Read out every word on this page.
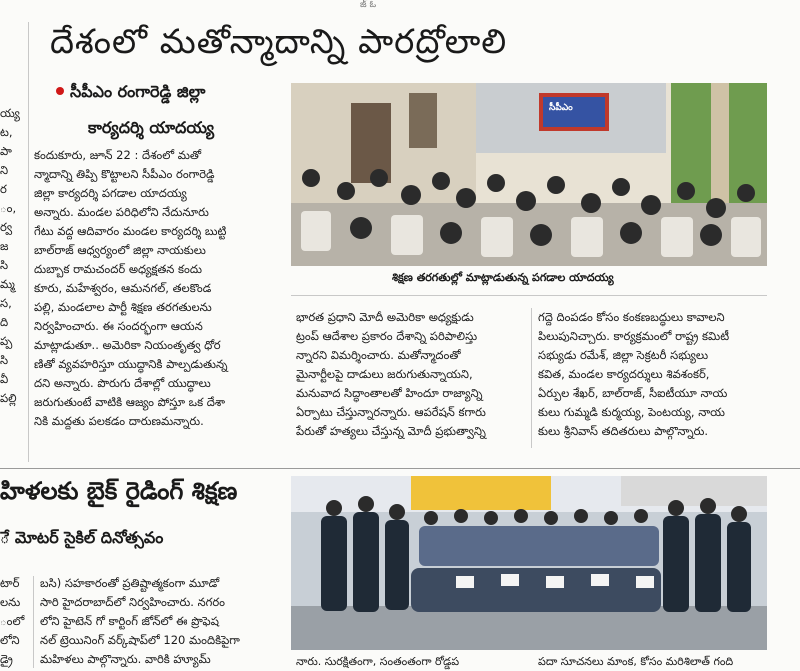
జ్ ఓ
య్య
ట,
పా
ని
ర
ం,
ర్వ
జ
సి
మ్మ
స,
ది
ప్ప
సి
వీ
పల్లి
దేశంలో మతోన్మాదాన్ని పారద్రోలాలి
సీపీఎం రంగారెడ్డి జిల్లా
కార్యదర్శి యాదయ్య
కందుకూరు, జూన్ 22 : దేశంలో మతో
న్మాదాన్ని తిప్పి కొట్టాలని సీపీఎం రంగారెడ్డి
జిల్లా కార్యదర్శి పగడాల యాదయ్య
అన్నారు. మండల పరిధిలోని నేదునూరు
గేటు వద్ద ఆదివారం మండల కార్యదర్శి బుట్టి
బాల్‌రాజ్ ఆధ్వర్యంలో జిల్లా నాయకులు
దుబ్బాక రామచందర్ అధ్యక్షతన కందు
కూరు, మహేశ్వరం, ఆమనగల్, తలకొండ
పల్లి, మండలాల పార్టీ శిక్షణ తరగతులను
నిర్వహించారు. ఈ సందర్భంగా ఆయన
మాట్లాడుతూ.. అమెరికా నియంతృత్వ ధోర
ణితో వ్యవహరిస్తూ యుద్ధానికి పాల్పడుతున్న
దని అన్నారు. పొరుగు దేశాల్లో యుద్ధాలు
జరుగుతుంటే వాటికి ఆజ్యం పోస్తూ ఒక దేశా
నికి మద్దతు పలకడం దారుణమన్నారు.
సీపీఎం
శిక్షణ తరగతుల్లో మాట్లాడుతున్న పగడాల యాదయ్య
భారత ప్రధాని మోదీ అమెరికా అధ్యక్షుడు
ట్రంప్ ఆదేశాల ప్రకారం దేశాన్ని పరిపాలిస్తు
న్నారని విమర్శించారు. మతోన్మాదంతో
మైనార్టీలపై దాడులు జరుగుతున్నాయని,
మనువాద సిద్ధాంతాలతో హిందూ రాజ్యాన్ని
ఏర్పాటు చేస్తున్నారన్నారు. ఆపరేషన్ కగారు
పేరుతో హత్యలు చేస్తున్న మోదీ ప్రభుత్వాన్ని
గద్దె దింపడం కోసం కంకణబద్ధులు కావాలని
పిలుపునిచ్చారు. కార్యక్రమంలో రాష్ట్ర కమిటీ
సభ్యుడు రమేశ్, జిల్లా సెక్రటరీ సభ్యులు
కవిత, మండల కార్యదర్శులు శివశంకర్,
ఏర్పుల శేఖర్, బాల్‌రాజ్, సీఐటీయూ నాయ
కులు గుమ్మడి కుర్మయ్య, పెంటయ్య, నాయ
కులు శ్రీనివాస్ తదితరులు పాల్గొన్నారు.
హిళలకు బైక్ రైడింగ్ శిక్షణ
ే మోటర్ సైకిల్ దినోత్సవం
టార్
లను
ంలో
లోని
డ్రై
బసి) సహకారంతో ప్రతిష్టాత్మకంగా మూడో
సారి హైదరాబాద్‌లో నిర్వహించారు. నగరం
లోని హైటెన్ గో కార్టింగ్ జోన్‌లో ఈ ప్రొఫెష
నల్ ట్రెయినింగ్ వర్క్‌షాప్‌లో 120 మందికిపైగా
మహిళలు పాల్గొన్నారు. వారికి హ్యూమ్	నారు. సురక్షితంగా, సంతంతంగా రోడ్డప	పదా సూచనలు మాంక, కోసం మరిశిలాత్ గంది
